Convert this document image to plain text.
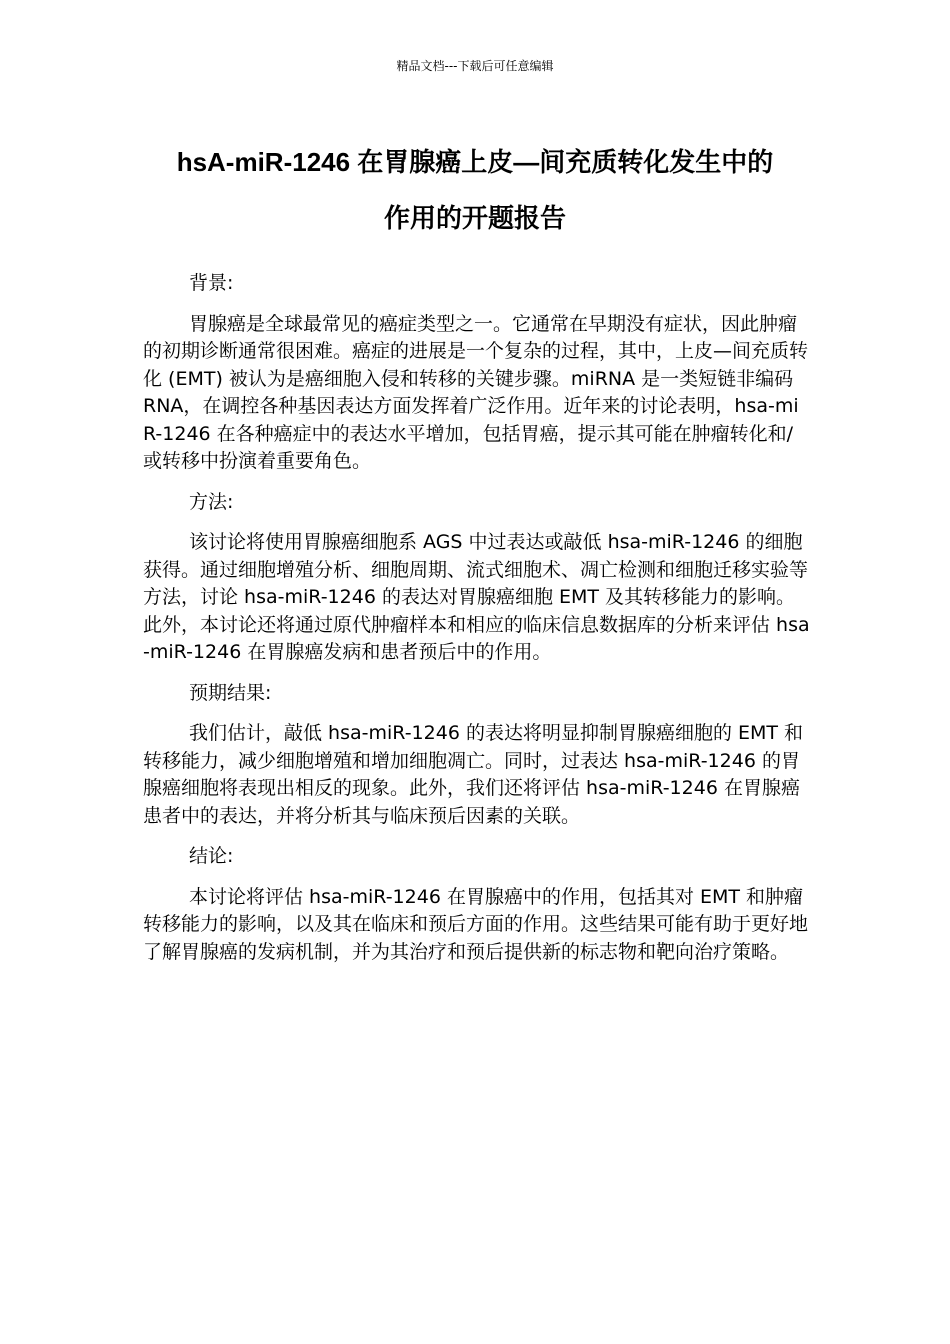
精品文档---下载后可任意编辑
hsA-miR-1246 在胃腺癌上皮—间充质转化发生中的
作用的开题报告

背景:

胃腺癌是全球最常见的癌症类型之一。它通常在早期没有症状，因此肿瘤的初期诊断通常很困难。癌症的进展是一个复杂的过程，其中，上皮—间充质转化 (EMT) 被认为是癌细胞入侵和转移的关键步骤。miRNA 是一类短链非编码 RNA，在调控各种基因表达方面发挥着广泛作用。近年来的讨论表明，hsa-miR-1246 在各种癌症中的表达水平增加，包括胃癌，提示其可能在肿瘤转化和/或转移中扮演着重要角色。

方法:

该讨论将使用胃腺癌细胞系 AGS 中过表达或敲低 hsa-miR-1246 的细胞获得。通过细胞增殖分析、细胞周期、流式细胞术、凋亡检测和细胞迁移实验等方法，讨论 hsa-miR-1246 的表达对胃腺癌细胞 EMT 及其转移能力的影响。此外，本讨论还将通过原代肿瘤样本和相应的临床信息数据库的分析来评估 hsa-miR-1246 在胃腺癌发病和患者预后中的作用。

预期结果:

我们估计，敲低 hsa-miR-1246 的表达将明显抑制胃腺癌细胞的 EMT 和转移能力，减少细胞增殖和增加细胞凋亡。同时，过表达 hsa-miR-1246 的胃腺癌细胞将表现出相反的现象。此外，我们还将评估 hsa-miR-1246 在胃腺癌患者中的表达，并将分析其与临床预后因素的关联。

结论:

本讨论将评估 hsa-miR-1246 在胃腺癌中的作用，包括其对 EMT 和肿瘤转移能力的影响，以及其在临床和预后方面的作用。这些结果可能有助于更好地了解胃腺癌的发病机制，并为其治疗和预后提供新的标志物和靶向治疗策略。
